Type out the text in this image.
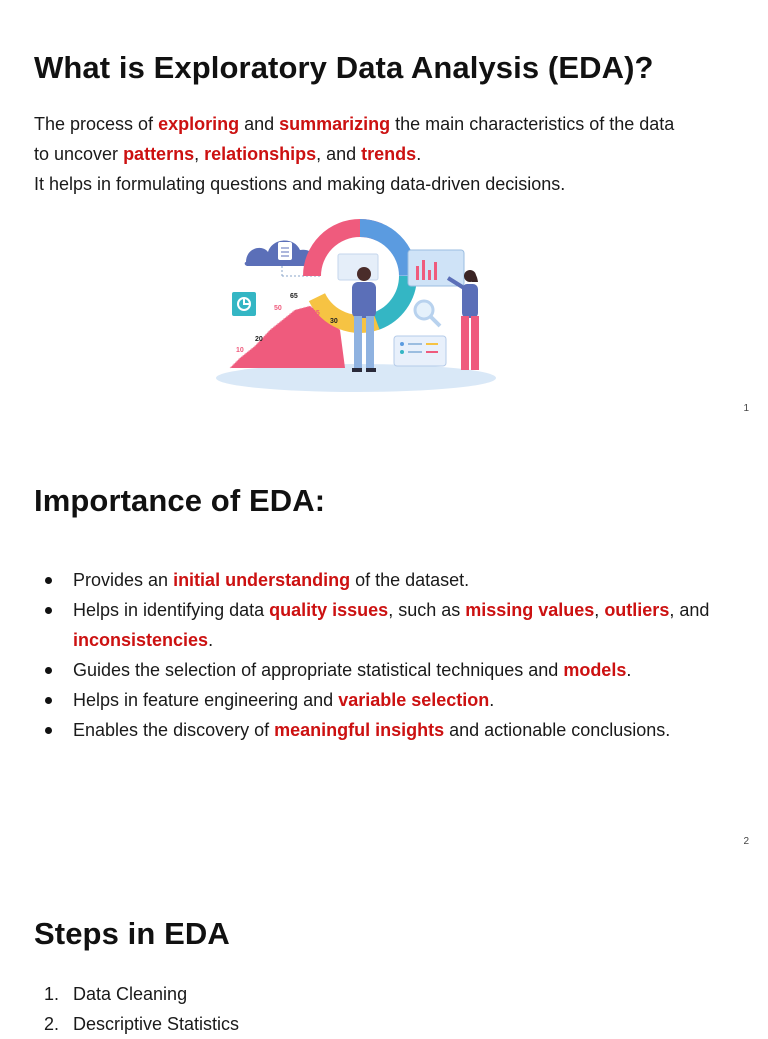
What is Exploratory Data Analysis (EDA)?
The process of exploring and summarizing the main characteristics of the data
to uncover patterns, relationships, and trends.
It helps in formulating questions and making data-driven decisions.
65
50
45
30
20
10
1
Importance of EDA:
Provides an initial understanding of the dataset.
Helps in identifying data quality issues, such as missing values, outliers, and inconsistencies.
Guides the selection of appropriate statistical techniques and models.
Helps in feature engineering and variable selection.
Enables the discovery of meaningful insights and actionable conclusions.
2
Steps in EDA
1. Data Cleaning
2. Descriptive Statistics
